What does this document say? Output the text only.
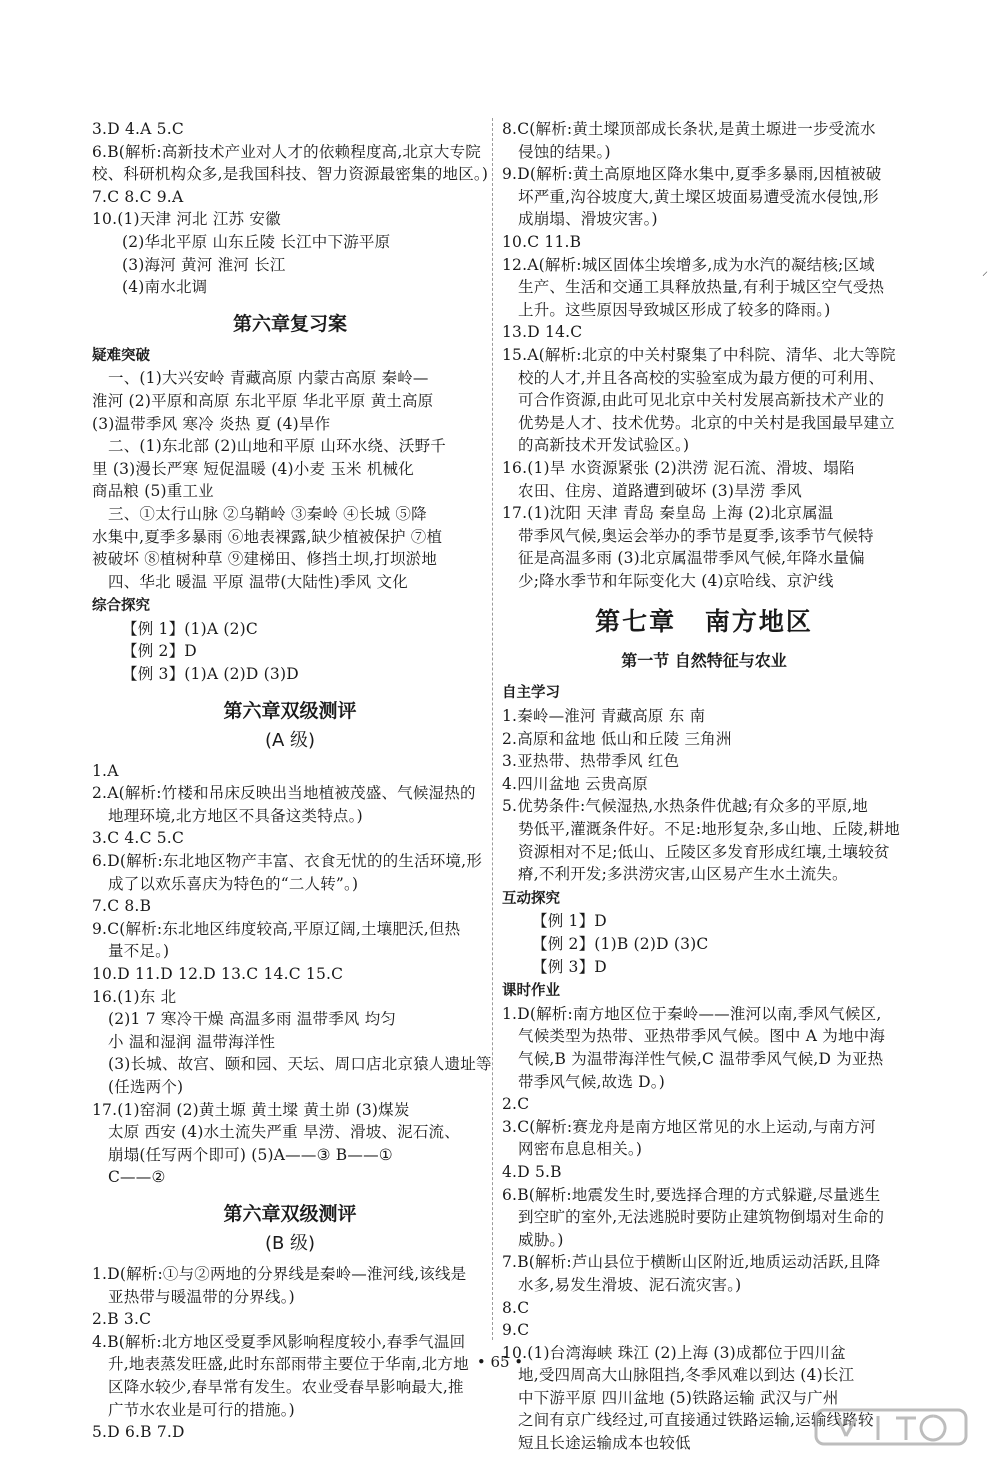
3.D 4.A 5.C
6.B(解析:高新技术产业对人才的依赖程度高,北京大专院
校、科研机构众多,是我国科技、智力资源最密集的地区。)
7.C 8.C 9.A
10.(1)天津 河北 江苏 安徽
(2)华北平原 山东丘陵 长江中下游平原
(3)海河 黄河 淮河 长江
(4)南水北调
第六章复习案
疑难突破
一、(1)大兴安岭 青藏高原 内蒙古高原 秦岭—
淮河 (2)平原和高原 东北平原 华北平原 黄土高原
(3)温带季风 寒冷 炎热 夏 (4)旱作
二、(1)东北部 (2)山地和平原 山环水绕、沃野千
里 (3)漫长严寒 短促温暖 (4)小麦 玉米 机械化
商品粮 (5)重工业
三、①太行山脉 ②乌鞘岭 ③秦岭 ④长城 ⑤降
水集中,夏季多暴雨 ⑥地表裸露,缺少植被保护 ⑦植
被破坏 ⑧植树种草 ⑨建梯田、修挡土坝,打坝淤地
四、华北 暖温 平原 温带(大陆性)季风 文化
综合探究
【例 1】(1)A (2)C
【例 2】D
【例 3】(1)A (2)D (3)D
第六章双级测评
(A 级)
1.A
2.A(解析:竹楼和吊床反映出当地植被茂盛、气候湿热的
地理环境,北方地区不具备这类特点。)
3.C 4.C 5.C
6.D(解析:东北地区物产丰富、衣食无忧的的生活环境,形
成了以欢乐喜庆为特色的“二人转”。)
7.C 8.B
9.C(解析:东北地区纬度较高,平原辽阔,土壤肥沃,但热
量不足。)
10.D 11.D 12.D 13.C 14.C 15.C
16.(1)东 北
(2)1 7 寒冷干燥 高温多雨 温带季风 均匀
小 温和湿润 温带海洋性
(3)长城、故宫、颐和园、天坛、周口店北京猿人遗址等
(任选两个)
17.(1)窑洞 (2)黄土塬 黄土墚 黄土峁 (3)煤炭
太原 西安 (4)水土流失严重 旱涝、滑坡、泥石流、
崩塌(任写两个即可) (5)A——③ B——①
C——②
第六章双级测评
(B 级)
1.D(解析:①与②两地的分界线是秦岭—淮河线,该线是
亚热带与暖温带的分界线。)
2.B 3.C
4.B(解析:北方地区受夏季风影响程度较小,春季气温回
升,地表蒸发旺盛,此时东部雨带主要位于华南,北方地
区降水较少,春旱常有发生。农业受春旱影响最大,推
广节水农业是可行的措施。)
5.D 6.B 7.D
8.C(解析:黄土墚顶部成长条状,是黄土塬进一步受流水
侵蚀的结果。)
9.D(解析:黄土高原地区降水集中,夏季多暴雨,因植被破
坏严重,沟谷坡度大,黄土墚区坡面易遭受流水侵蚀,形
成崩塌、滑坡灾害。)
10.C 11.B
12.A(解析:城区固体尘埃增多,成为水汽的凝结核;区域
生产、生活和交通工具释放热量,有利于城区空气受热
上升。这些原因导致城区形成了较多的降雨。)
13.D 14.C
15.A(解析:北京的中关村聚集了中科院、清华、北大等院
校的人才,并且各高校的实验室成为最方便的可利用、
可合作资源,由此可见北京中关村发展高新技术产业的
优势是人才、技术优势。北京的中关村是我国最早建立
的高新技术开发试验区。)
16.(1)旱 水资源紧张 (2)洪涝 泥石流、滑坡、塌陷
农田、住房、道路遭到破坏 (3)旱涝 季风
17.(1)沈阳 天津 青岛 秦皇岛 上海 (2)北京属温
带季风气候,奥运会举办的季节是夏季,该季节气候特
征是高温多雨 (3)北京属温带季风气候,年降水量偏
少;降水季节和年际变化大 (4)京哈线、京沪线
第七章 南方地区
第一节 自然特征与农业
自主学习
1.秦岭—淮河 青藏高原 东 南
2.高原和盆地 低山和丘陵 三角洲
3.亚热带、热带季风 红色
4.四川盆地 云贵高原
5.优势条件:气候湿热,水热条件优越;有众多的平原,地
势低平,灌溉条件好。不足:地形复杂,多山地、丘陵,耕地
资源相对不足;低山、丘陵区多发育形成红壤,土壤较贫
瘠,不利开发;多洪涝灾害,山区易产生水土流失。
互动探究
【例 1】D
【例 2】(1)B (2)D (3)C
【例 3】D
课时作业
1.D(解析:南方地区位于秦岭——淮河以南,季风气候区,
气候类型为热带、亚热带季风气候。图中 A 为地中海
气候,B 为温带海洋性气候,C 温带季风气候,D 为亚热
带季风气候,故选 D。)
2.C
3.C(解析:赛龙舟是南方地区常见的水上运动,与南方河
网密布息息相关。)
4.D 5.B
6.B(解析:地震发生时,要选择合理的方式躲避,尽量逃生
到空旷的室外,无法逃脱时要防止建筑物倒塌对生命的
威胁。)
7.B(解析:芦山县位于横断山区附近,地质运动活跃,且降
水多,易发生滑坡、泥石流灾害。)
8.C
9.C
10.(1)台湾海峡 珠江 (2)上海 (3)成都位于四川盆
地,受四周高大山脉阻挡,冬季风难以到达 (4)长江
中下游平原 四川盆地 (5)铁路运输 武汉与广州
之间有京广线经过,可直接通过铁路运输,运输线路较
短且长途运输成本也较低
⸝
• 65 •
